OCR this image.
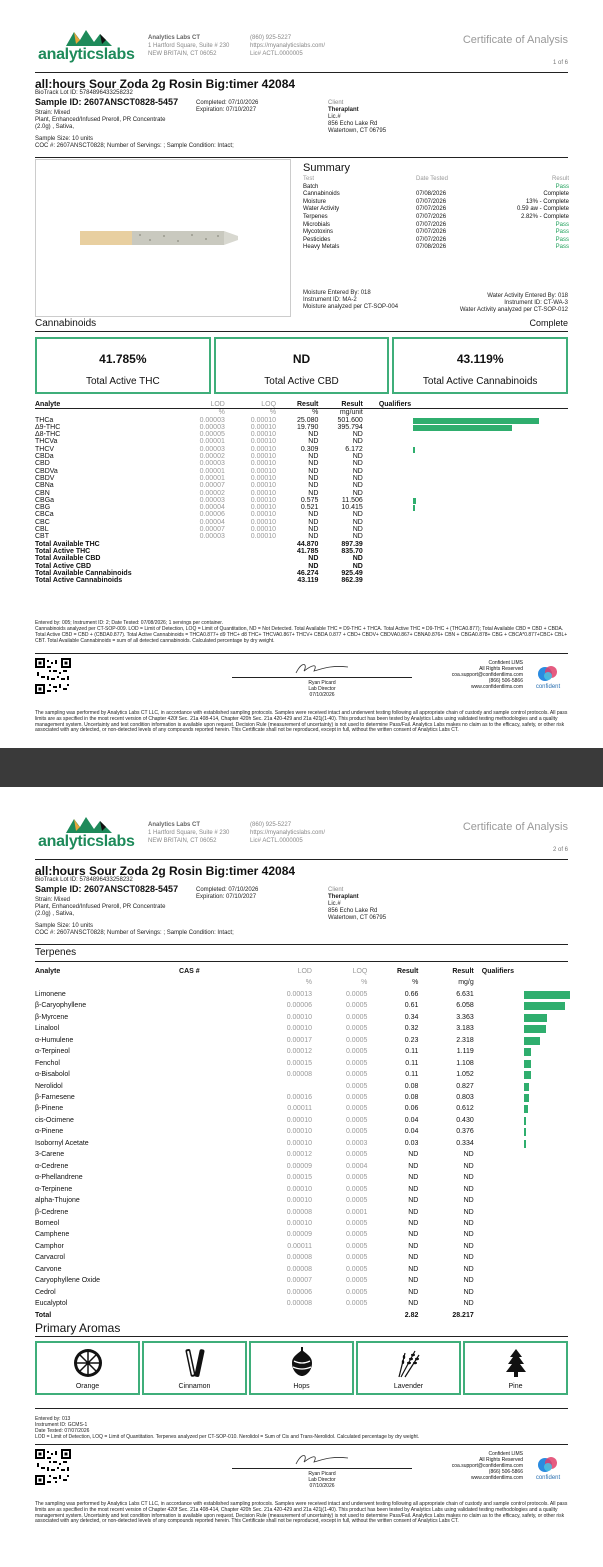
analyticslabs
Analytics Labs CT
1 Hartford Square, Suite # 230
NEW BRITAIN, CT 06052
(860) 925-5227
https://myanalyticslabs.com/
Lic# ACTL.0000005
Certificate of Analysis
1 of 6
all:hours Sour Zoda 2g Rosin Big:timer 42084
BioTrack Lot ID: 5784896433258232
Sample ID: 2607ANSCT0828-5457
Strain: Mixed
Plant, Enhanced/Infused Preroll, PR Concentrate
(2.0g) , Sativa,
Completed: 07/10/2026
Expiration: 07/10/2027
Client
Theraplant
Lic.#
856 Echo Lake Rd
Watertown, CT 06795
Sample Size: 10 units
COC #: 2607ANSCT0828; Number of Servings: ; Sample Condition: Intact;
Summary
Test	Date Tested	Result
Batch	Pass
Cannabinoids	07/08/2026	Complete
Moisture	07/07/2026	13% - Complete
Water Activity	07/07/2026	0.59 aw - Complete
Terpenes	07/07/2026	2.82% - Complete
Microbials	07/07/2026	Pass
Mycotoxins	07/07/2026	Pass
Pesticides	07/07/2026	Pass
Heavy Metals	07/08/2026	Pass
Moisture Entered By: 018
Instrument ID: MA-2
Moisture analyzed per CT-SOP-004
Water Activity Entered By: 018
Instrument ID: CT-WA-3
Water Activity analyzed per CT-SOP-012
Cannabinoids	Complete
41.785%
Total Active THC
ND
Total Active CBD
43.119%
Total Active Cannabinoids
Analyte	LOD	LOQ	Result	Result	Qualifiers	
	%	%	%	mg/unit		
THCa	0.00003	0.00010	25.080	501.600		

Δ9-THC	0.00003	0.00010	19.790	395.794		

Δ8-THC	0.00005	0.00010	ND	ND		
THCVa	0.00001	0.00010	ND	ND		
THCV	0.00003	0.00010	0.309	6.172		

CBDa	0.00002	0.00010	ND	ND		
CBD	0.00003	0.00010	ND	ND		
CBDVa	0.00001	0.00010	ND	ND		
CBDV	0.00001	0.00010	ND	ND		
CBNa	0.00007	0.00010	ND	ND		
CBN	0.00002	0.00010	ND	ND		
CBGa	0.00003	0.00010	0.575	11.506		

CBG	0.00004	0.00010	0.521	10.415		

CBCa	0.00006	0.00010	ND	ND		
CBC	0.00004	0.00010	ND	ND		
CBL	0.00007	0.00010	ND	ND		
CBT	0.00003	0.00010	ND	ND		
Total Available THC			44.870	897.39		
Total Active THC			41.785	835.70		
Total Available CBD			ND	ND		
Total Active CBD			ND	ND		
Total Available Cannabinoids			46.274	925.49		
Total Active Cannabinoids			43.119	862.39		
Entered by: 005; Instrument ID: 2; Date Tested: 07/08/2026; 1 servings per container.
Cannabinoids analyzed per CT-SOP-009. LOD = Limit of Detection, LOQ = Limit of Quantitation, ND = Not Detected. Total Available THC = D9-THC + THCA. Total Active THC = D9-THC + (THCA0.877); Total Available CBD = CBD + CBDA. Total Active CBD = CBD + (CBDA0.877). Total Active Cannabinoids = THCA0.877+ d9 THC+ d8 THC+ THCVA0.867+ THCV+ CBDA 0.877 + CBD+ CBDV+ CBDVA0.867+ CBNA0.876+ CBN + CBGA0.878+ CBG + CBCA*0.877+CBC+ CBL+ CBT. Total Available Cannabinoids = sum of all detected cannabinoids. Calculated percentage by dry weight.
Ryan Picard
Lab Director
07/10/2026
Confident LIMS
All Rights Reserved
coa.support@confidentlims.com
(866) 506-5866
www.confidentlims.com	confident
The sampling was performed by Analytics Labs CT LLC, in accordance with established sampling protocols. Samples were received intact and underwent testing following all appropriate chain of custody and sample control protocols. All pass limits are as specified in the most recent version of Chapter 420f Sec. 21a 408-414, Chapter 420h Sec. 21a 420-429 and 21a 421j(1-40). This product has been tested by Analytics Labs using validated testing methodologies and a quality management system. Uncertainty and test condition information is available upon request. Decision Rule (measurement of uncertainty) is not used to determine Pass/Fail. Analytics Labs makes no claim as to the efficacy, safety, or other risk associated with any detected, or non-detected levels of any compounds reported herein. This Certificate shall not be reproduced, except in full, without the written consent of Analytics Labs CT.
analyticslabs
Analytics Labs CT
1 Hartford Square, Suite # 230
NEW BRITAIN, CT 06052
(860) 925-5227
https://myanalyticslabs.com/
Lic# ACTL.0000005
Certificate of Analysis
2 of 6
all:hours Sour Zoda 2g Rosin Big:timer 42084
BioTrack Lot ID: 5784896433258232
Sample ID: 2607ANSCT0828-5457
Strain: Mixed
Plant, Enhanced/Infused Preroll, PR Concentrate
(2.0g) , Sativa,
Completed: 07/10/2026
Expiration: 07/10/2027
Client
Theraplant
Lic.#
856 Echo Lake Rd
Watertown, CT 06795
Sample Size: 10 units
COC #: 2607ANSCT0828; Number of Servings: ; Sample Condition: Intact;
Terpenes
Analyte	CAS #	LOD	LOQ	Result	Result	Qualifiers	
		%	%	%	mg/g		
Limonene		0.00013	0.0005	0.66	6.631		

β-Caryophyllene		0.00006	0.0005	0.61	6.058		

β-Myrcene		0.00010	0.0005	0.34	3.363		

Linalool		0.00010	0.0005	0.32	3.183		

α-Humulene		0.00017	0.0005	0.23	2.318		

α-Terpineol		0.00012	0.0005	0.11	1.119		

Fenchol		0.00015	0.0005	0.11	1.108		

α-Bisabolol		0.00008	0.0005	0.11	1.052		

Nerolidol			0.0005	0.08	0.827		

β-Farnesene		0.00016	0.0005	0.08	0.803		

β-Pinene		0.00011	0.0005	0.06	0.612		

cis-Ocimene		0.00010	0.0005	0.04	0.430		

α-Pinene		0.00010	0.0005	0.04	0.376		

Isobornyl Acetate		0.00010	0.0003	0.03	0.334		

3-Carene		0.00012	0.0005	ND	ND		
α-Cedrene		0.00009	0.0004	ND	ND		
α-Phellandrene		0.00015	0.0005	ND	ND		
α-Terpinene		0.00010	0.0005	ND	ND		
alpha-Thujone		0.00010	0.0005	ND	ND		
β-Cedrene		0.00008	0.0001	ND	ND		
Borneol		0.00010	0.0005	ND	ND		
Camphene		0.00009	0.0005	ND	ND		
Camphor		0.00011	0.0005	ND	ND		
Carvacrol		0.00008	0.0005	ND	ND		
Carvone		0.00008	0.0005	ND	ND		
Caryophyllene Oxide		0.00007	0.0005	ND	ND		
Cedrol		0.00006	0.0005	ND	ND		
Eucalyptol		0.00008	0.0005	ND	ND		
Total				2.82	28.217		
Primary Aromas
Orange	Cinnamon	Hops	Lavender	Pine
Entered by: 013
Instrument ID: GCMS-1
Date Tested: 07/07/2026
LOD = Limit of Detection, LOQ = Limit of Quantitation. Terpenes analyzed per CT-SOP-010. Nerolidol = Sum of Cis and Trans-Nerolidol. Calculated percentage by dry weight.
Ryan Picard
Lab Director
07/10/2026
Confident LIMS
All Rights Reserved
coa.support@confidentlims.com
(866) 506-5866
www.confidentlims.com	confident
The sampling was performed by Analytics Labs CT LLC, in accordance with established sampling protocols. Samples were received intact and underwent testing following all appropriate chain of custody and sample control protocols. All pass limits are as specified in the most recent version of Chapter 420f Sec. 21a 408-414, Chapter 420h Sec. 21a 420-429 and 21a 421j(1-40). This product has been tested by Analytics Labs using validated testing methodologies and a quality management system. Uncertainty and test condition information is available upon request. Decision Rule (measurement of uncertainty) is not used to determine Pass/Fail. Analytics Labs makes no claim as to the efficacy, safety, or other risk associated with any detected, or non-detected levels of any compounds reported herein. This Certificate shall not be reproduced, except in full, without the written consent of Analytics Labs CT.
